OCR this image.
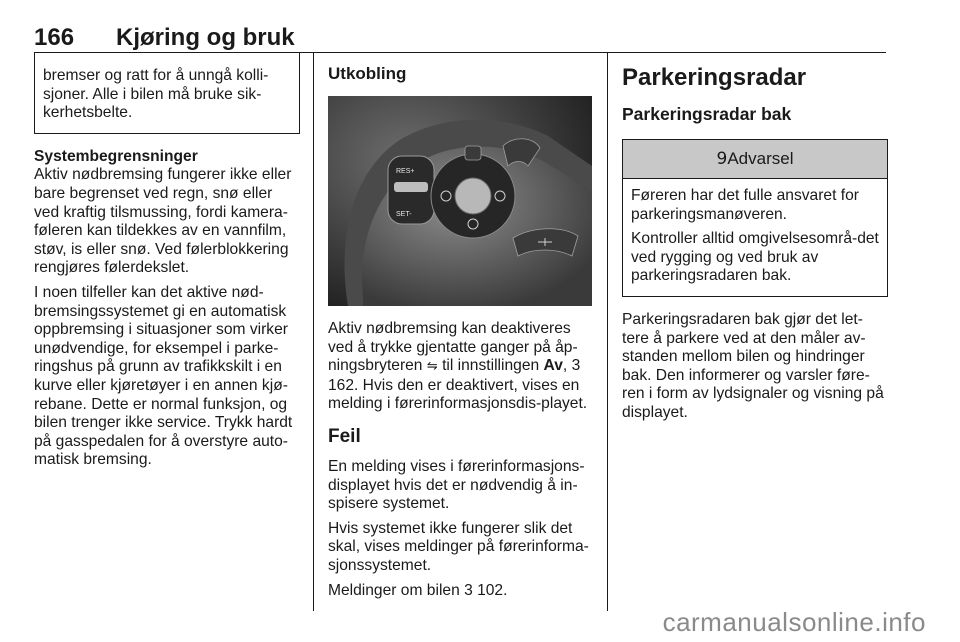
166 Kjøring og bruk
bremser og ratt for å unngå kolli-sjoner. Alle i bilen må bruke sik-kerhetsbelte.
Systembegrensninger

Aktiv nødbremsing fungerer ikke eller bare begrenset ved regn, snø eller ved kraftig tilsmussing, fordi kamera-føleren kan tildekkes av en vannfilm, støv, is eller snø. Ved følerblokkering rengjøres følerdekslet.

I noen tilfeller kan det aktive nød-bremsingssystemet gi en automatisk oppbremsing i situasjoner som virker unødvendige, for eksempel i parke-ringshus på grunn av trafikkskilt i en kurve eller kjøretøyer i en annen kjø-rebane. Dette er normal funksjon, og bilen trenger ikke service. Trykk hardt på gasspedalen for å overstyre auto-matisk bremsing.

Utkobling
RES+
SET-

Aktiv nødbremsing kan deaktiveres ved å trykke gjentatte ganger på åp-ningsbryteren ⇋ til innstillingen Av, 3 162. Hvis den er deaktivert, vises en melding i førerinformasjonsdis-playet.

Feil

En melding vises i førerinformasjons-displayet hvis det er nødvendig å in-spisere systemet.

Hvis systemet ikke fungerer slik det skal, vises meldinger på førerinforma-sjonssystemet.

Meldinger om bilen 3 102.

Parkeringsradar
Parkeringsradar bak
9Advarsel

Føreren har det fulle ansvaret for parkeringsmanøveren.

Kontroller alltid omgivelsesområ-det ved rygging og ved bruk av parkeringsradaren bak.

Parkeringsradaren bak gjør det let-tere å parkere ved at den måler av-standen mellom bilen og hindringer bak. Den informerer og varsler føre-ren i form av lydsignaler og visning på displayet.

carmanualsonline.info
